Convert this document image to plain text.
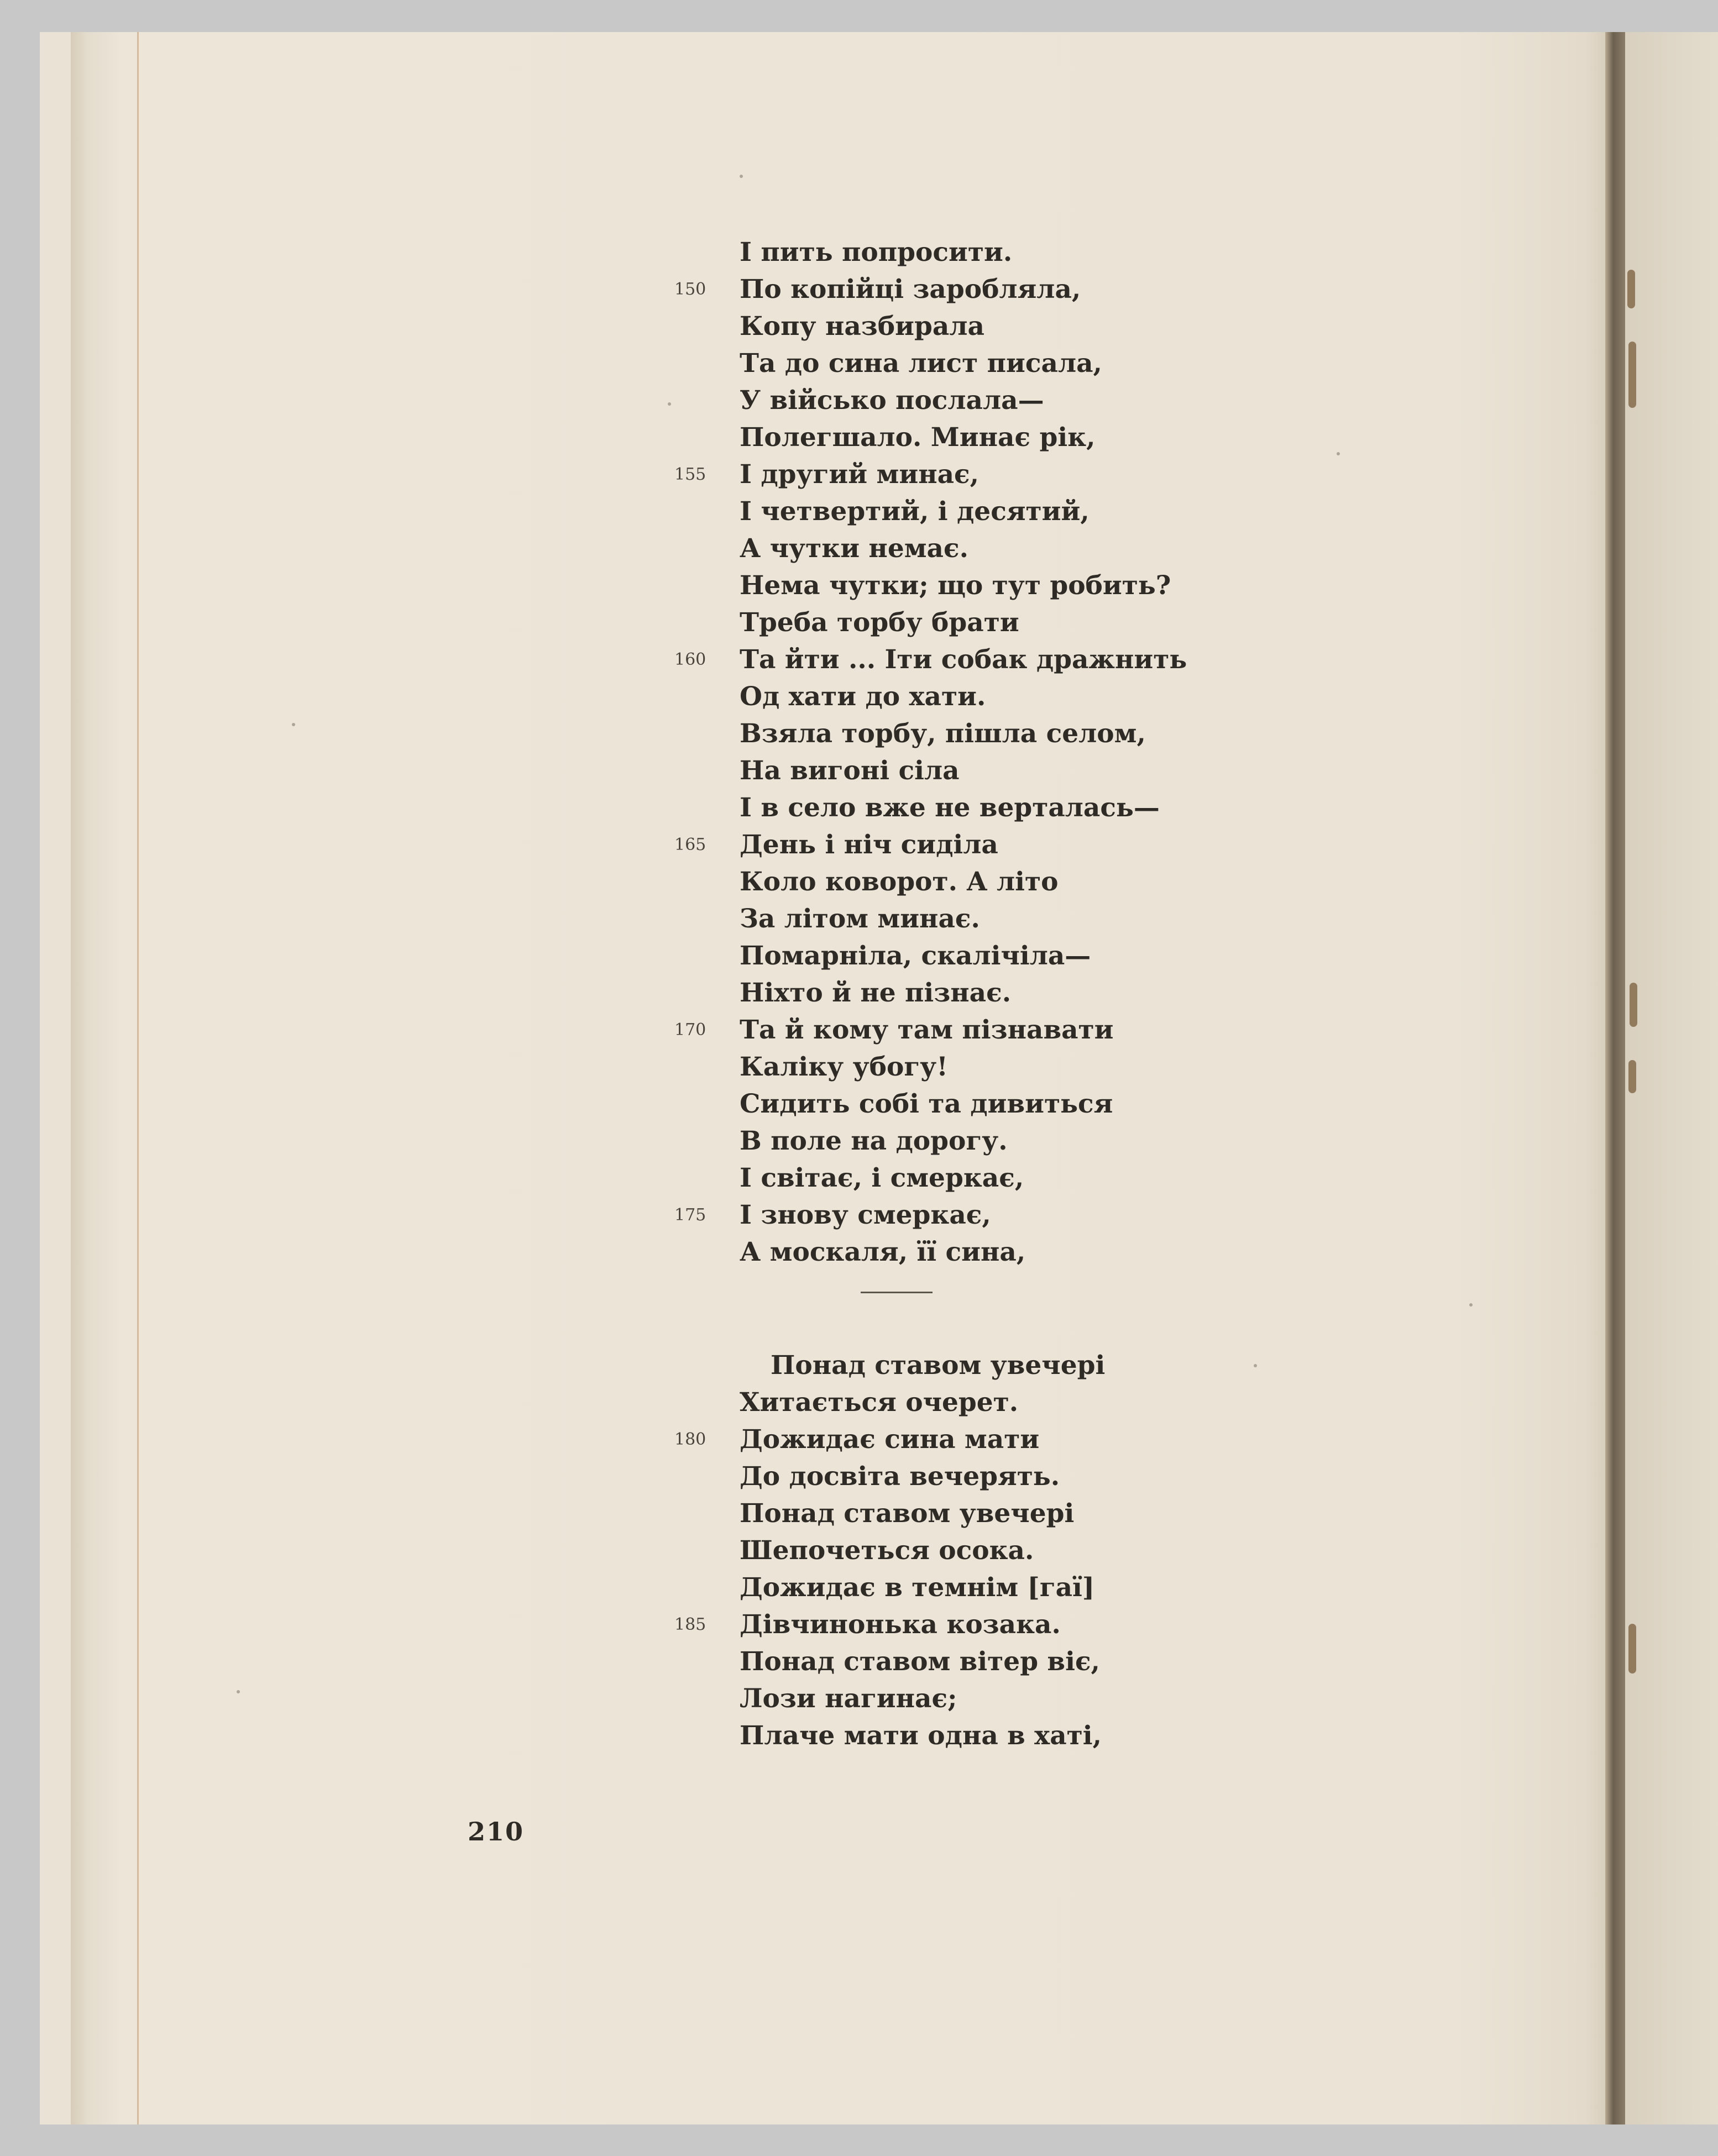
І пить попросити.
150	По копійці заробляла,
Копу назбирала
Та до сина лист писала,
У військо послала—
Полегшало. Минає рік,
155	І другий минає,
І четвертий, і десятий,
А чутки немає.
Нема чутки; що тут робить?
Треба торбу брати
160	Та йти ... Іти собак дражнить
Од хати до хати.
Взяла торбу, пішла селом,
На вигоні сіла
І в село вже не верталась—
165	День і ніч сиділа
Коло коворот. А літо
За літом минає.
Помарніла, скалічіла—
Ніхто й не пізнає.
170	Та й кому там пізнавати
Каліку убогу!
Сидить собі та дивиться
В поле на дорогу.
І світає, і смеркає,
175	І знову смеркає,
А москаля, її сина,
Понад ставом увечері
Хитається очерет.
180	Дожидає сина мати
До досвіта вечерять.
Понад ставом увечері
Шепочеться осока.
Дожидає в темнім [гаї]
185	Дівчинонька козака.
Понад ставом вітер віє,
Лози нагинає;
Плаче мати одна в хаті,
210
